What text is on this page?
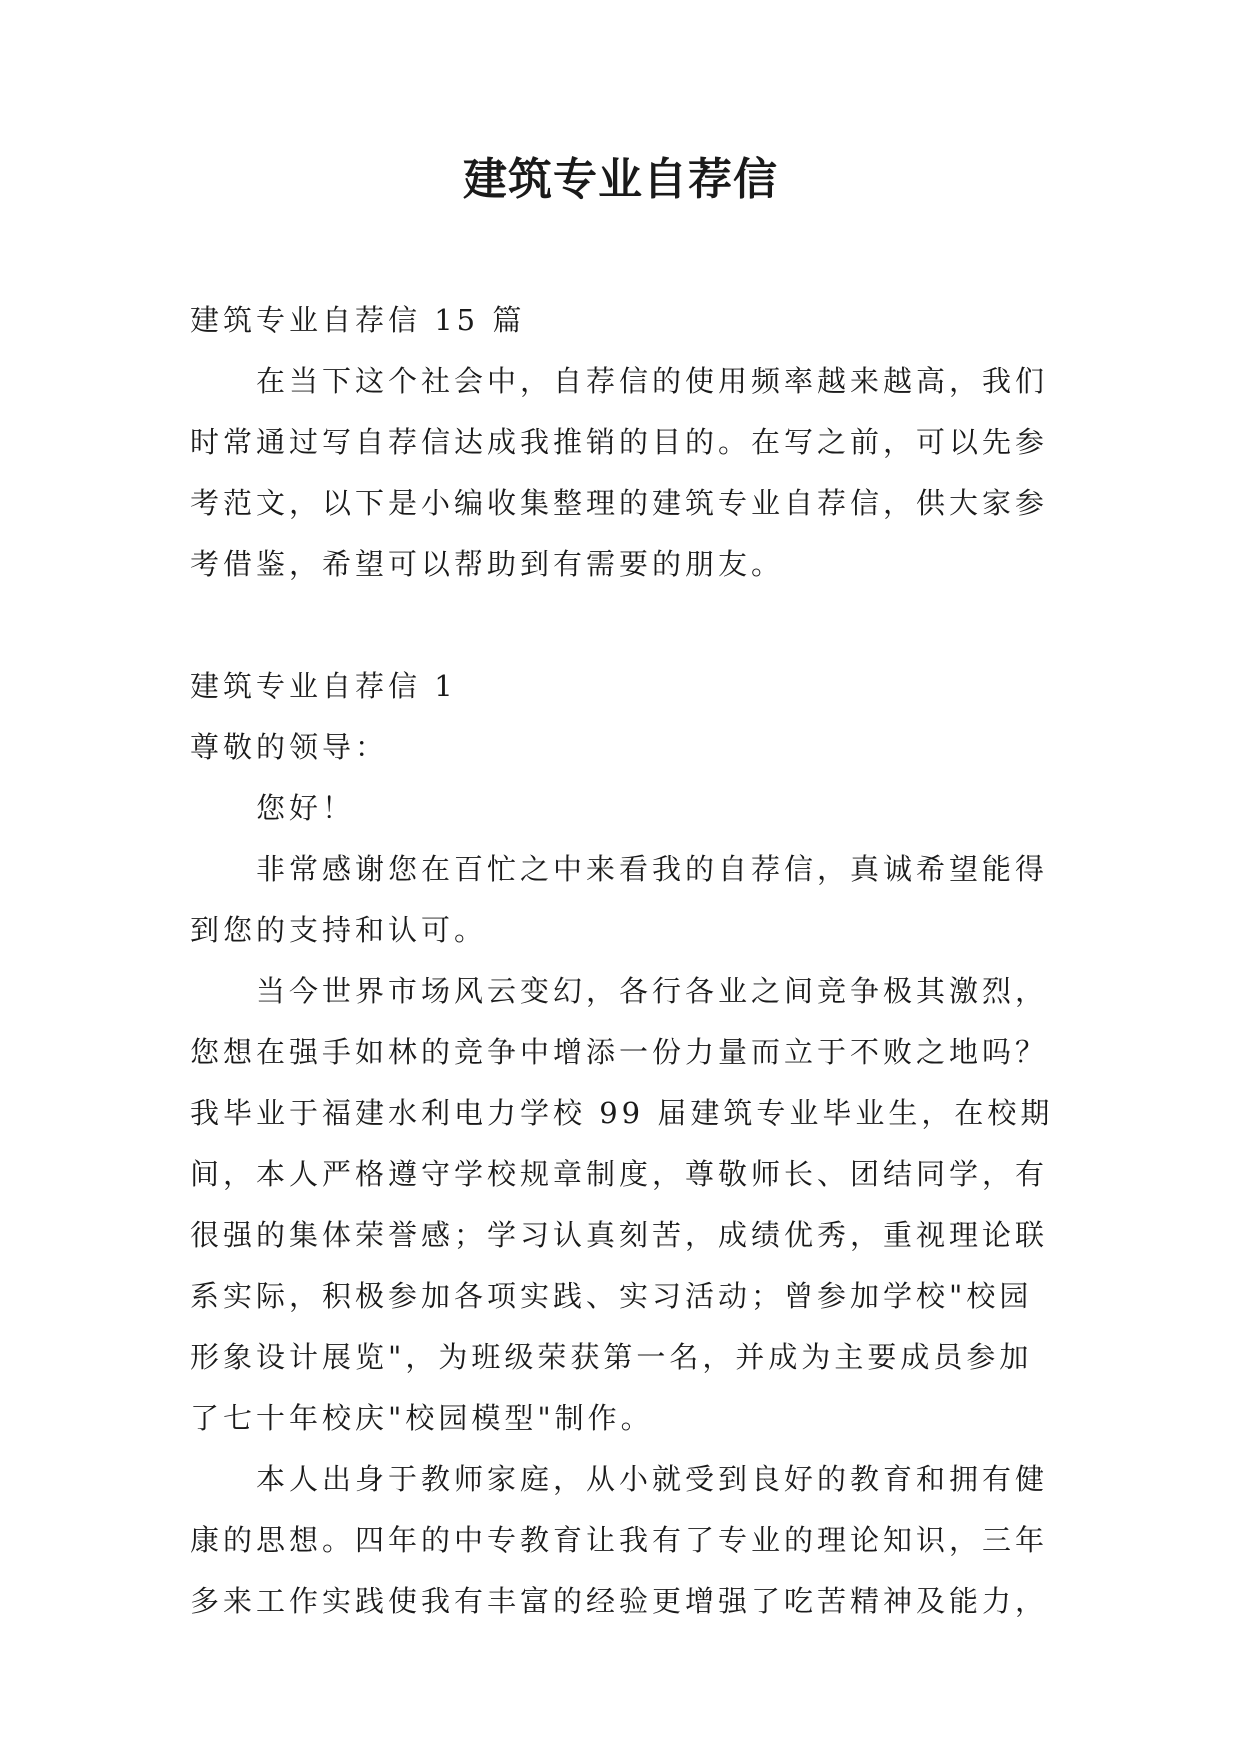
建筑专业自荐信
建筑专业自荐信 15 篇
在当下这个社会中，自荐信的使用频率越来越高，我们
时常通过写自荐信达成我推销的目的。在写之前，可以先参
考范文，以下是小编收集整理的建筑专业自荐信，供大家参
考借鉴，希望可以帮助到有需要的朋友。
建筑专业自荐信 1
尊敬的领导：
您好！
非常感谢您在百忙之中来看我的自荐信，真诚希望能得
到您的支持和认可。
当今世界市场风云变幻，各行各业之间竞争极其激烈，
您想在强手如林的竞争中增添一份力量而立于不败之地吗？
我毕业于福建水利电力学校 99 届建筑专业毕业生，在校期
间，本人严格遵守学校规章制度，尊敬师长、团结同学，有
很强的集体荣誉感；学习认真刻苦，成绩优秀，重视理论联
系实际，积极参加各项实践、实习活动；曾参加学校"校园
形象设计展览"，为班级荣获第一名，并成为主要成员参加
了七十年校庆"校园模型"制作。
本人出身于教师家庭，从小就受到良好的教育和拥有健
康的思想。四年的中专教育让我有了专业的理论知识，三年
多来工作实践使我有丰富的经验更增强了吃苦精神及能力，
